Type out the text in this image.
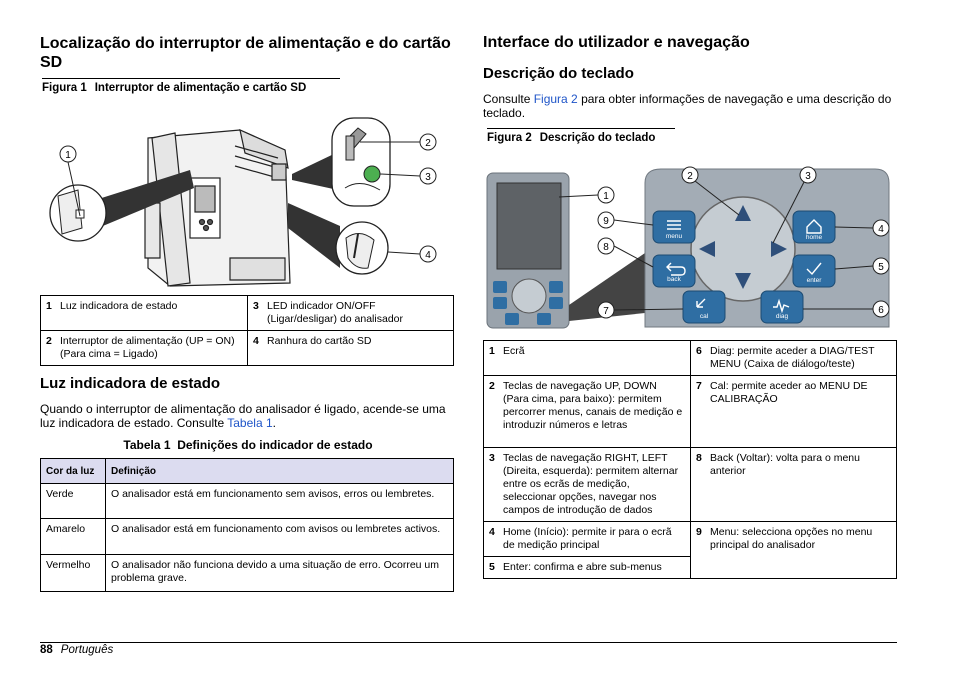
Localização do interruptor de alimentação e do cartão SD
Figura 1 Interruptor de alimentação e cartão SD
1
2
3
4
1 Luz indicadora de estado	3 LED indicador ON/OFF (Ligar/desligar) do analisador
2 Interruptor de alimentação (UP = ON) (Para cima = Ligado)	4 Ranhura do cartão SD
Luz indicadora de estado

Quando o interruptor de alimentação do analisador é ligado, acende-se uma luz indicadora de estado. Consulte Tabela 1.

Tabela 1 Definições do indicador de estado
Cor da luz	Definição
Verde	O analisador está em funcionamento sem avisos, erros ou lembretes.
Amarelo	O analisador está em funcionamento com avisos ou lembretes activos.
Vermelho	O analisador não funciona devido a uma situação de erro. Ocorreu um problema grave.
Interface do utilizador e navegação
Descrição do teclado

Consulte Figura 2 para obter informações de navegação e uma descrição do teclado.

Figura 2 Descrição do teclado
menu
back
home
enter
cal	diag
1
2	3
4
5
6
7
8
9
1 Ecrã	6 Diag: permite aceder a DIAG/TEST MENU (Caixa de diálogo/teste)
2 Teclas de navegação UP, DOWN (Para cima, para baixo): permitem percorrer menus, canais de medição e introduzir números e letras	7 Cal: permite aceder ao MENU DE CALIBRAÇÃO
3 Teclas de navegação RIGHT, LEFT (Direita, esquerda): permitem alternar entre os ecrãs de medição, seleccionar opções, navegar nos campos de introdução de dados	8 Back (Voltar): volta para o menu anterior
4 Home (Início): permite ir para o ecrã de medição principal	9 Menu: selecciona opções no menu principal do analisador
5 Enter: confirma e abre sub-menus	
88 Português
